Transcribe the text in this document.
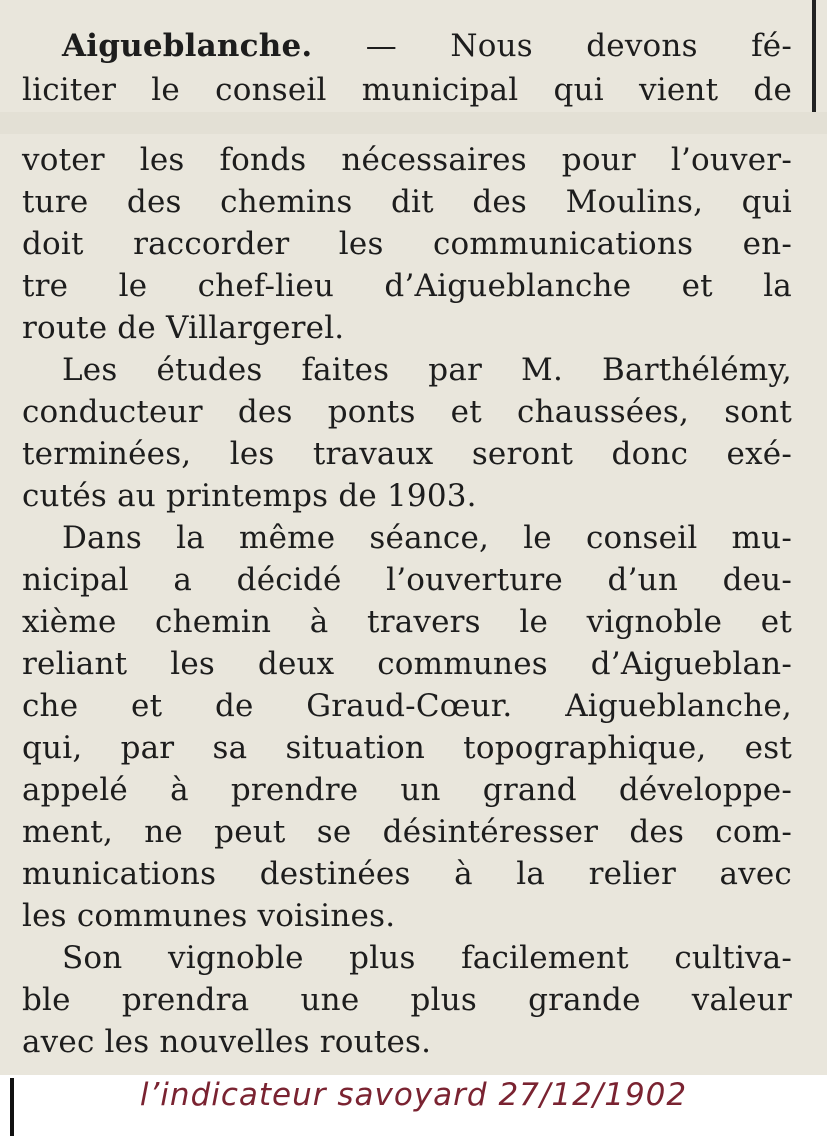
Aigueblanche. — Nous devons fé-

liciter le conseil municipal qui vient de

voter les fonds nécessaires pour l’ouver-

ture des chemins dit des Moulins, qui

doit raccorder les communications en-

tre le chef-lieu d’Aigueblanche et la

route de Villargerel.

Les études faites par M. Barthélémy,

conducteur des ponts et chaussées, sont

terminées, les travaux seront donc exé-

cutés au printemps de 1903.

Dans la même séance, le conseil mu-

nicipal a décidé l’ouverture d’un deu-

xième chemin à travers le vignoble et

reliant les deux communes d’Aigueblan-

che et de Graud-Cœur. Aigueblanche,

qui, par sa situation topographique, est

appelé à prendre un grand développe-

ment, ne peut se désintéresser des com-

munications destinées à la relier avec

les communes voisines.

Son vignoble plus facilement cultiva-

ble prendra une plus grande valeur

avec les nouvelles routes.

l’indicateur savoyard 27/12/1902
